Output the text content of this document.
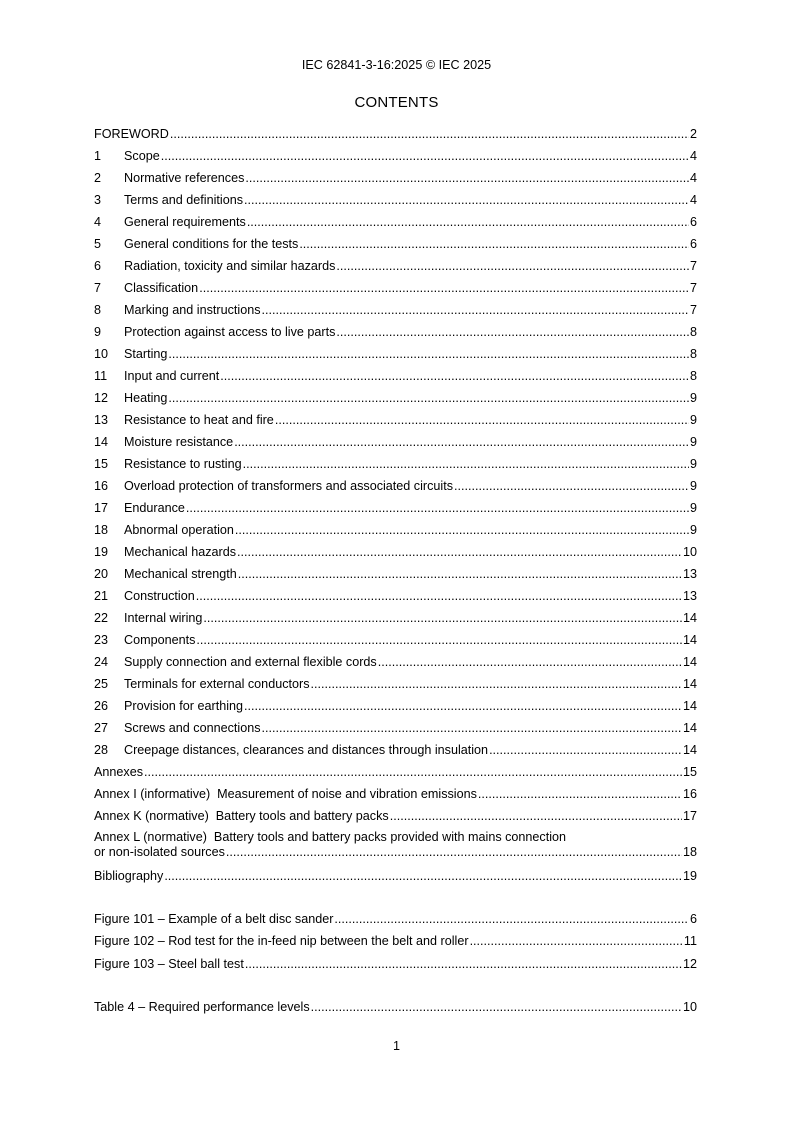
IEC 62841-3-16:2025 © IEC 2025
CONTENTS
FOREWORD .....	2
1	Scope .....	4
2	Normative references .....	4
3	Terms and definitions .....	4
4	General requirements .....	6
5	General conditions for the tests .....	6
6	Radiation, toxicity and similar hazards .....	7
7	Classification .....	7
8	Marking and instructions .....	7
9	Protection against access to live parts .....	8
10	Starting .....	8
11	Input and current .....	8
12	Heating .....	9
13	Resistance to heat and fire .....	9
14	Moisture resistance .....	9
15	Resistance to rusting .....	9
16	Overload protection of transformers and associated circuits .....	9
17	Endurance .....	9
18	Abnormal operation .....	9
19	Mechanical hazards .....	10
20	Mechanical strength .....	13
21	Construction .....	13
22	Internal wiring .....	14
23	Components .....	14
24	Supply connection and external flexible cords .....	14
25	Terminals for external conductors .....	14
26	Provision for earthing .....	14
27	Screws and connections .....	14
28	Creepage distances, clearances and distances through insulation .....	14
Annexes .....	15
Annex I (informative)  Measurement of noise and vibration emissions .....	16
Annex K (normative)  Battery tools and battery packs .....	17
Annex L (normative)  Battery tools and battery packs provided with mains connection
or non-isolated sources .....	18
Bibliography .....	19
Figure 101 – Example of a belt disc sander .....	6
Figure 102 – Rod test for the in-feed nip between the belt and roller .....	11
Figure 103 – Steel ball test .....	12
Table 4 – Required performance levels .....	10
1
